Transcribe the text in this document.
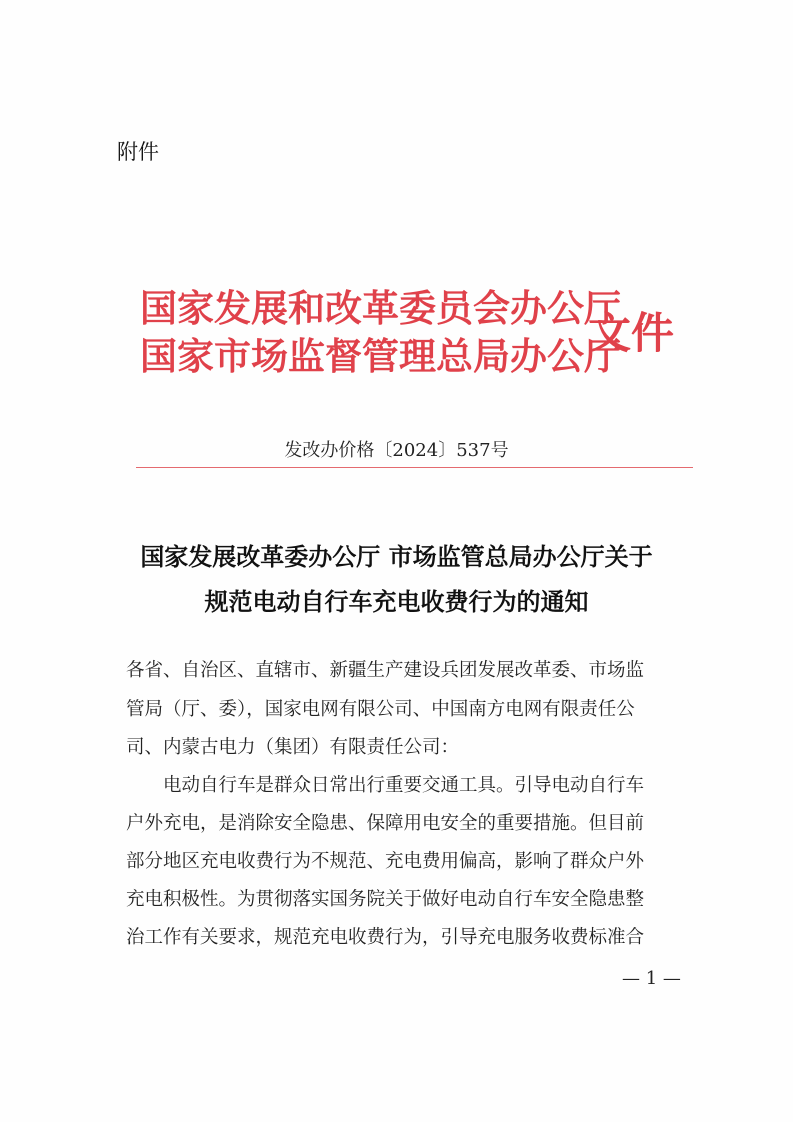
附件
国家发展和改革委员会办公厅
国家市场监督管理总局办公厅
文件
发改办价格〔2024〕537号
国家发展改革委办公厅 市场监管总局办公厅关于
规范电动自行车充电收费行为的通知
各省、自治区、直辖市、新疆生产建设兵团发展改革委、市场监
管局（厅、委），国家电网有限公司、中国南方电网有限责任公
司、内蒙古电力（集团）有限责任公司：
　　电动自行车是群众日常出行重要交通工具。引导电动自行车
户外充电，是消除安全隐患、保障用电安全的重要措施。但目前
部分地区充电收费行为不规范、充电费用偏高，影响了群众户外
充电积极性。为贯彻落实国务院关于做好电动自行车安全隐患整
治工作有关要求，规范充电收费行为，引导充电服务收费标准合
— 1 —
